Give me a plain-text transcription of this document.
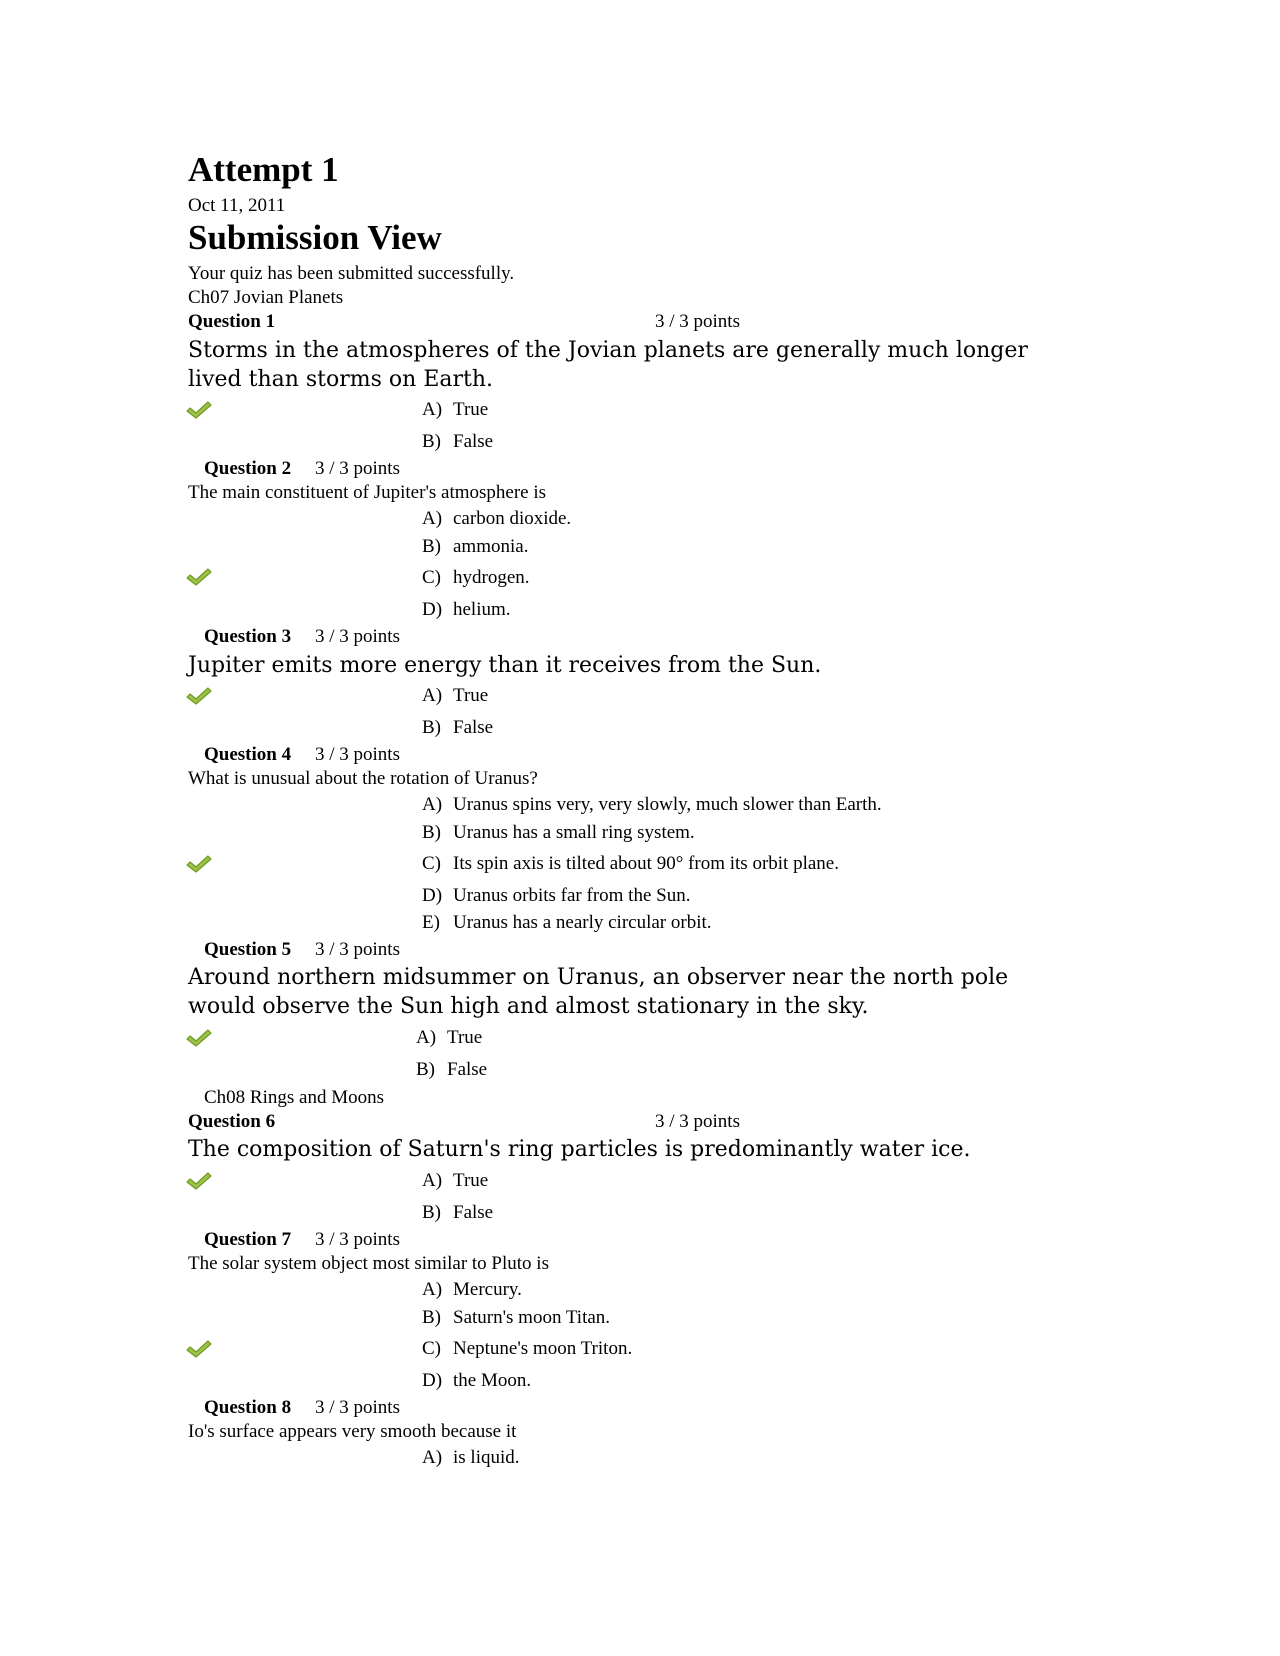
Attempt 1
Oct 11, 2011
Submission View
Your quiz has been submitted successfully.
Ch07 Jovian Planets
Question 1	3 / 3 points
Storms in the atmospheres of the Jovian planets are generally much longer lived than storms on Earth.
A) True
B) False
Question 2 3 / 3 points
The main constituent of Jupiter's atmosphere is
A) carbon dioxide.
B) ammonia.
C) hydrogen.
D) helium.
Question 3 3 / 3 points
Jupiter emits more energy than it receives from the Sun.
A) True
B) False
Question 4 3 / 3 points
What is unusual about the rotation of Uranus?
A) Uranus spins very, very slowly, much slower than Earth.
B) Uranus has a small ring system.
C) Its spin axis is tilted about 90° from its orbit plane.
D) Uranus orbits far from the Sun.
E) Uranus has a nearly circular orbit.
Question 5 3 / 3 points
Around northern midsummer on Uranus, an observer near the north pole would observe the Sun high and almost stationary in the sky.
A) True
B) False
Ch08 Rings and Moons
Question 6	3 / 3 points
The composition of Saturn's ring particles is predominantly water ice.
A) True
B) False
Question 7 3 / 3 points
The solar system object most similar to Pluto is
A) Mercury.
B) Saturn's moon Titan.
C) Neptune's moon Triton.
D) the Moon.
Question 8 3 / 3 points
Io's surface appears very smooth because it
A) is liquid.
